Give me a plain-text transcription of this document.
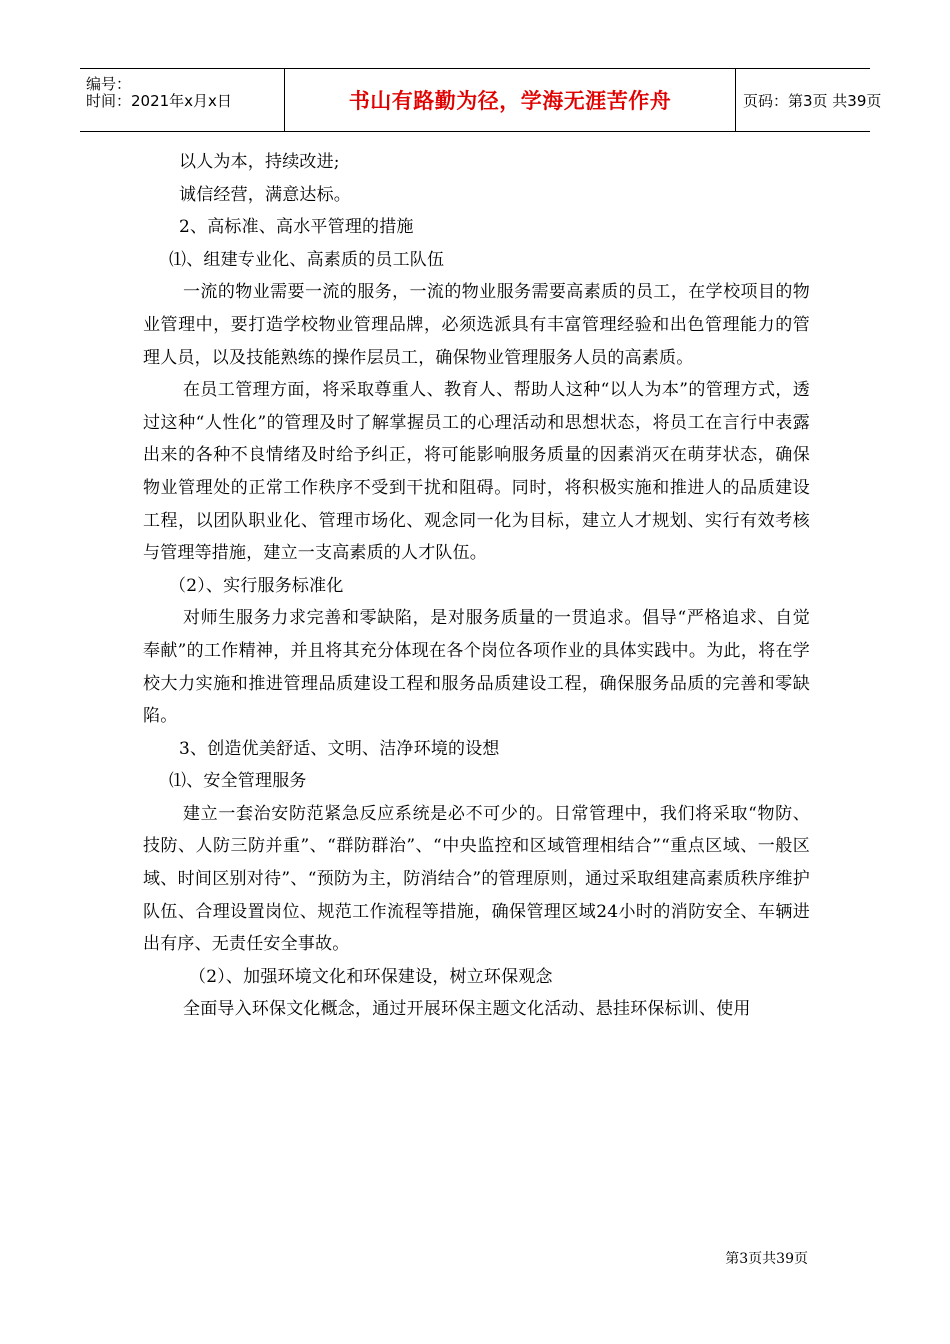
编号：
时间：2021年x月x日	书山有路勤为径，学海无涯苦作舟	页码：第3页 共39页

以人为本，持续改进;

诚信经营，满意达标。

2、高标准、高水平管理的措施

⑴、组建专业化、高素质的员工队伍

一流的物业需要一流的服务，一流的物业服务需要高素质的员工，在学校项目的物业管理中，要打造学校物业管理品牌，必须选派具有丰富管理经验和出色管理能力的管理人员，以及技能熟练的操作层员工，确保物业管理服务人员的高素质。

在员工管理方面，将采取尊重人、教育人、帮助人这种“以人为本”的管理方式，透过这种“人性化”的管理及时了解掌握员工的心理活动和思想状态，将员工在言行中表露出来的各种不良情绪及时给予纠正，将可能影响服务质量的因素消灭在萌芽状态，确保物业管理处的正常工作秩序不受到干扰和阻碍。同时，将积极实施和推进人的品质建设工程，以团队职业化、管理市场化、观念同一化为目标，建立人才规划、实行有效考核与管理等措施，建立一支高素质的人才队伍。

（2）、实行服务标准化

对师生服务力求完善和零缺陷，是对服务质量的一贯追求。倡导“严格追求、自觉奉献”的工作精神，并且将其充分体现在各个岗位各项作业的具体实践中。为此，将在学校大力实施和推进管理品质建设工程和服务品质建设工程，确保服务品质的完善和零缺陷。

3、创造优美舒适、文明、洁净环境的设想

⑴、安全管理服务

建立一套治安防范紧急反应系统是必不可少的。日常管理中，我们将采取“物防、技防、人防三防并重”、“群防群治”、“中央监控和区域管理相结合”“重点区域、一般区域、时间区别对待”、“预防为主，防消结合”的管理原则，通过采取组建高素质秩序维护队伍、合理设置岗位、规范工作流程等措施，确保管理区域24小时的消防安全、车辆进出有序、无责任安全事故。

（2）、加强环境文化和环保建设，树立环保观念

全面导入环保文化概念，通过开展环保主题文化活动、悬挂环保标训、使用

第3页共39页
